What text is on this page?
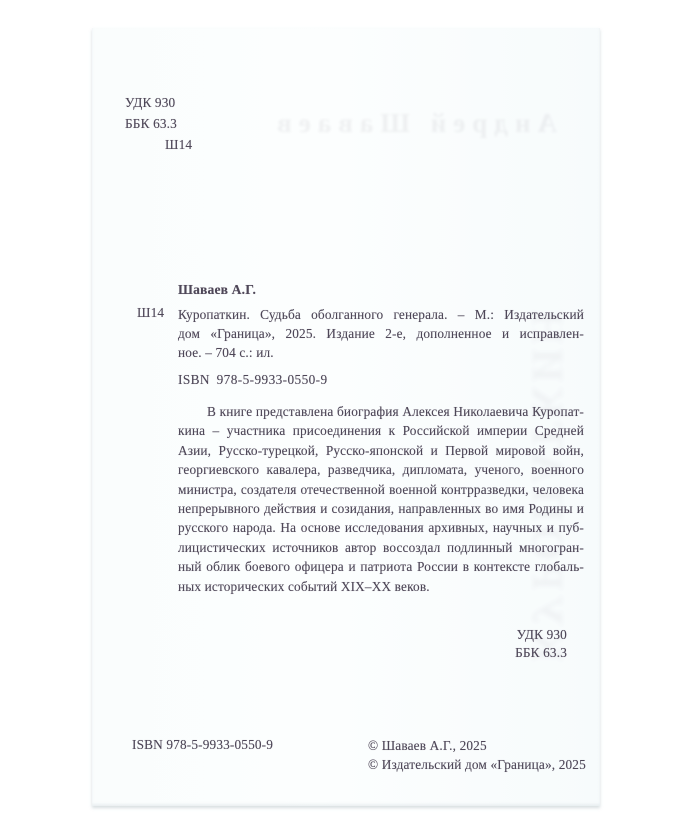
Андрей Шаваев
УДК 930
ББК 63.3
Ш14
Шаваев А.Г.
Ш14 Куропаткин. Судьба оболганного генерала. – М.: Издательский
дом «Граница», 2025. Издание 2-е, дополненное и исправлен-
ное. – 704 с.: ил.
ISBN 978-5-9933-0550-9
В книге представлена биография Алексея Николаевича Куропат-
кина – участника присоединения к Российской империи Средней
Азии, Русско-турецкой, Русско-японской и Первой мировой войн,
георгиевского кавалера, разведчика, дипломата, ученого, военного
министра, создателя отечественной военной контрразведки, человека
непрерывного действия и созидания, направленных во имя Родины и
русского народа. На основе исследования архивных, научных и пуб-
лицистических источников автор воссоздал подлинный многогран-
ный облик боевого офицера и патриота России в контексте глобаль-
ных исторических событий XIX–XX веков.
УДК 930
ББК 63.3
ISBN 978-5-9933-0550-9	© Шаваев А.Г., 2025
© Издательский дом «Граница», 2025
